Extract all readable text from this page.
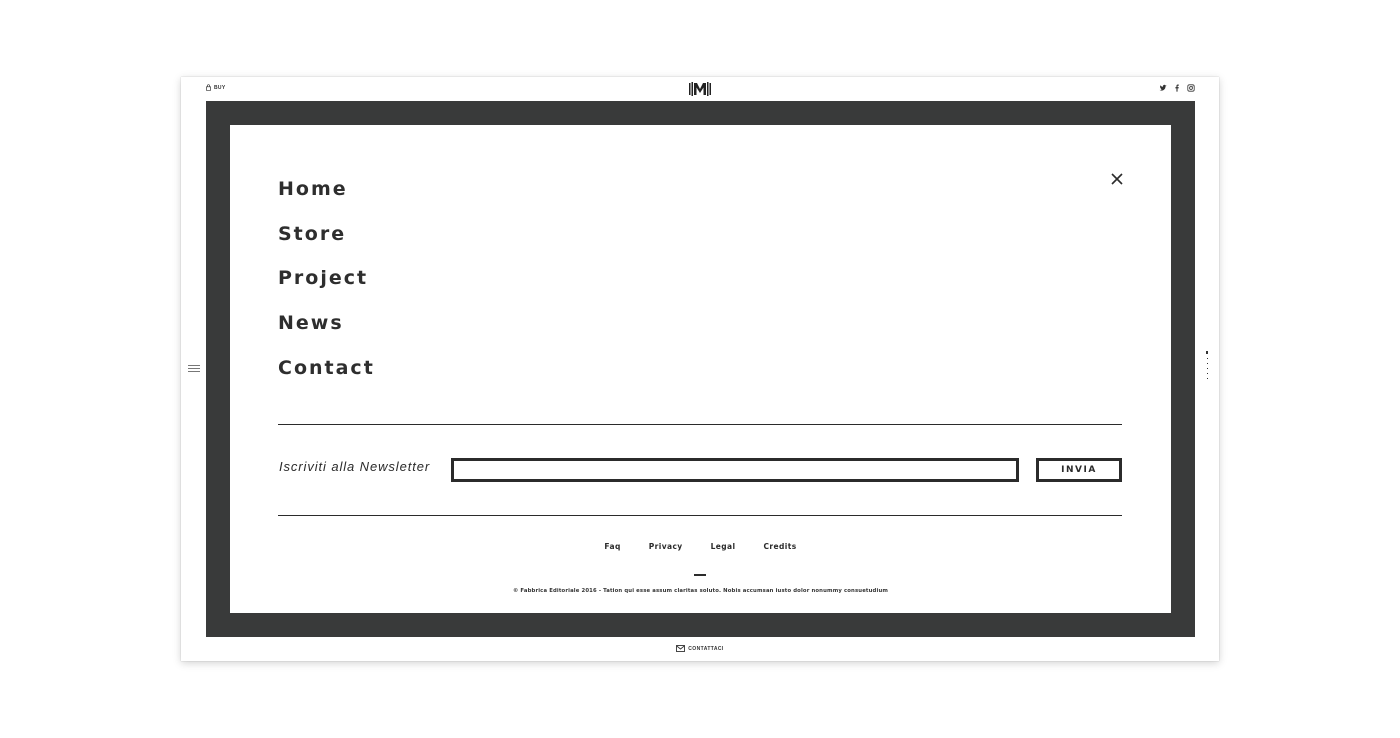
BUY
Home
Store
Project
News
Contact
Iscriviti alla Newsletter	INVIA
Faq	Privacy	Legal	Credits
© Fabbrica Editoriale 2016 - Tation qui esse assum claritas soluto. Nobis accumsan iusto dolor nonummy consuetudium
CONTATTACI
